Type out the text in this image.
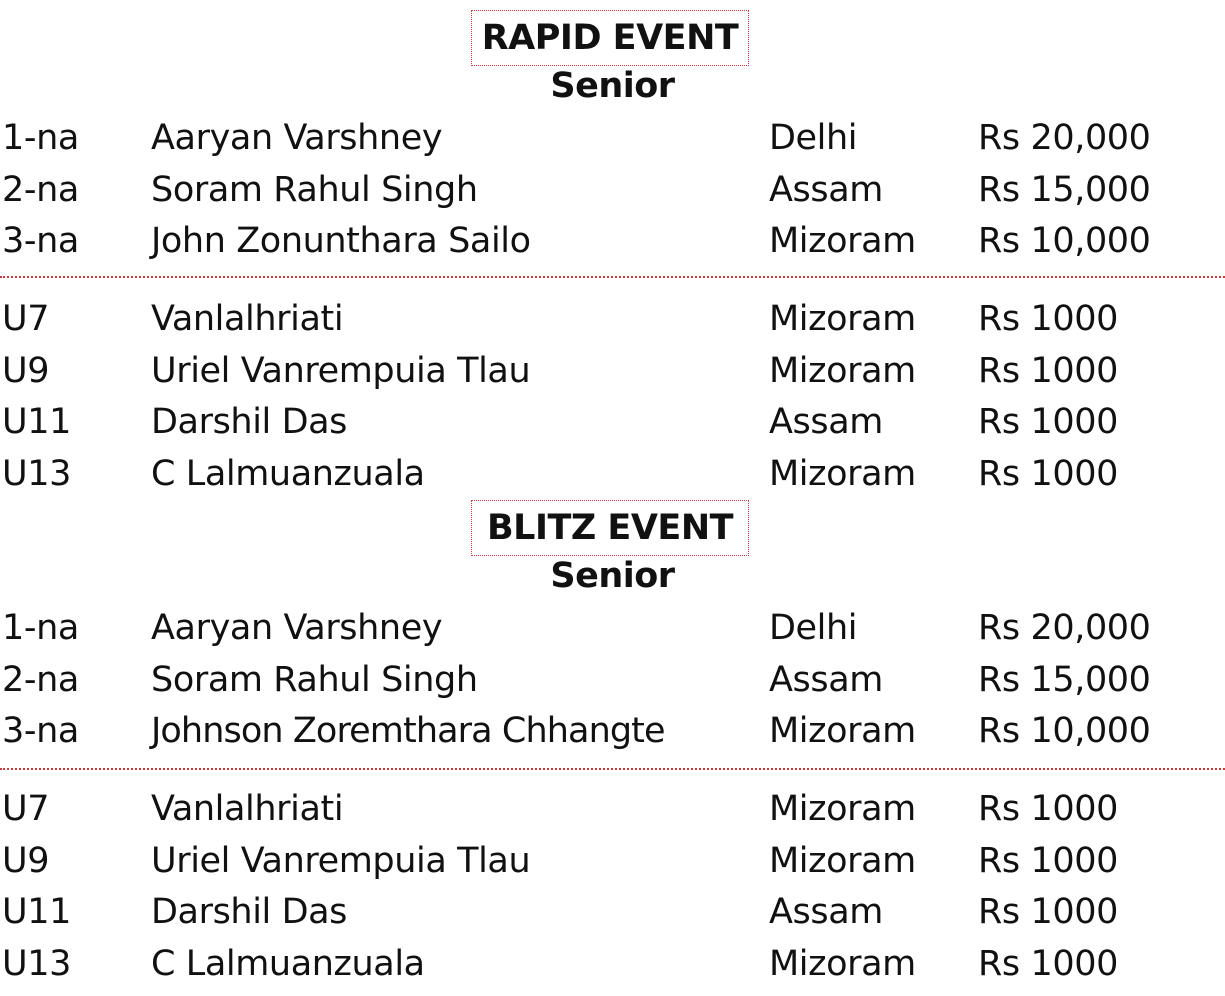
RAPID EVENT
Senior
1-na Aaryan Varshney	Delhi	Rs 20,000
2-na Soram Rahul Singh	Assam	Rs 15,000
3-na John Zonunthara Sailo	Mizoram Rs 10,000
U7	Vanlalhriati	Mizoram Rs 1000
U9	Uriel Vanrempuia Tlau	Mizoram Rs 1000
U11 Darshil Das	Assam	Rs 1000
U13 C Lalmuanzuala	Mizoram Rs 1000
BLITZ EVENT
Senior
1-na Aaryan Varshney	Delhi	Rs 20,000
2-na Soram Rahul Singh	Assam	Rs 15,000
3-na Johnson Zoremthara Chhangte	Mizoram Rs 10,000
U7	Vanlalhriati	Mizoram Rs 1000
U9	Uriel Vanrempuia Tlau	Mizoram Rs 1000
U11 Darshil Das	Assam	Rs 1000
U13 C Lalmuanzuala	Mizoram Rs 1000
